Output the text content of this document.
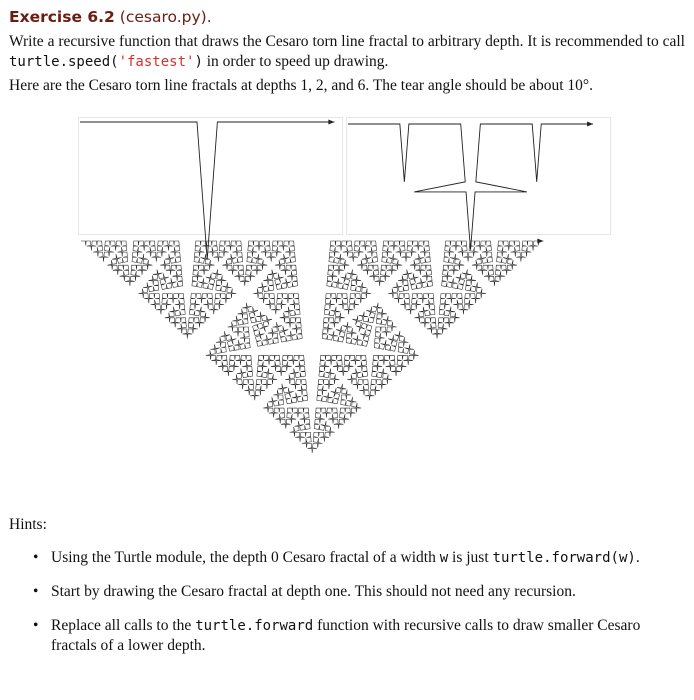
Exercise 6.2 (cesaro.py).
Write a recursive function that draws the Cesaro torn line fractal to arbitrary depth. It is recommended to call turtle.speed('fastest') in order to speed up drawing.
Here are the Cesaro torn line fractals at depths 1, 2, and 6. The tear angle should be about 10°.
Hints:
• Using the Turtle module, the depth 0 Cesaro fractal of a width w is just turtle.forward(w).
• Start by drawing the Cesaro fractal at depth one. This should not need any recursion.
• Replace all calls to the turtle.forward function with recursive calls to draw smaller Cesaro fractals of a lower depth.
